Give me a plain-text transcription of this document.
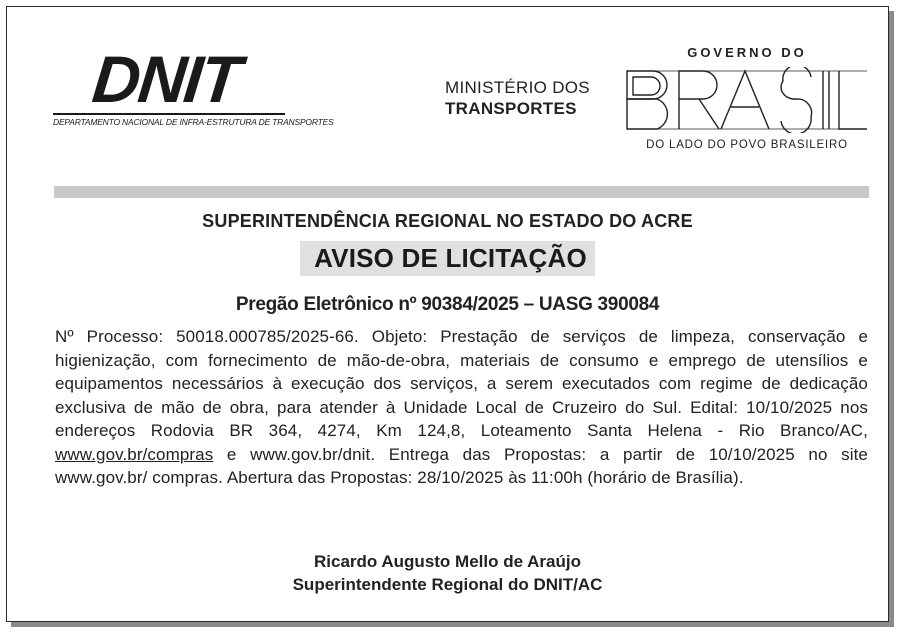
DNIT
DEPARTAMENTO NACIONAL DE INFRA-ESTRUTURA DE TRANSPORTES
MINISTÉRIO DOS
TRANSPORTES
GOVERNO DO
DO LADO DO POVO BRASILEIRO
SUPERINTENDÊNCIA REGIONAL NO ESTADO DO ACRE
AVISO DE LICITAÇÃO
Pregão Eletrônico nº 90384/2025 – UASG 390084
Nº Processo: 50018.000785/2025-66. Objeto: Prestação de serviços de limpeza, conservação e higienização, com fornecimento de mão-de-obra, materiais de consumo e emprego de utensílios e equipamentos necessários à execução dos serviços, a serem executados com regime de dedicação exclusiva de mão de obra, para atender à Unidade Local de Cruzeiro do Sul. Edital: 10/10/2025 nos endereços Rodovia BR 364, 4274, Km 124,8, Loteamento Santa Helena - Rio Branco/AC, www.gov.br/compras e www.gov.br/dnit. Entrega das Propostas: a partir de 10/10/2025 no site www.gov.br/ compras. Abertura das Propostas: 28/10/2025 às 11:00h (horário de Brasília).
Ricardo Augusto Mello de Araújo
Superintendente Regional do DNIT/AC
